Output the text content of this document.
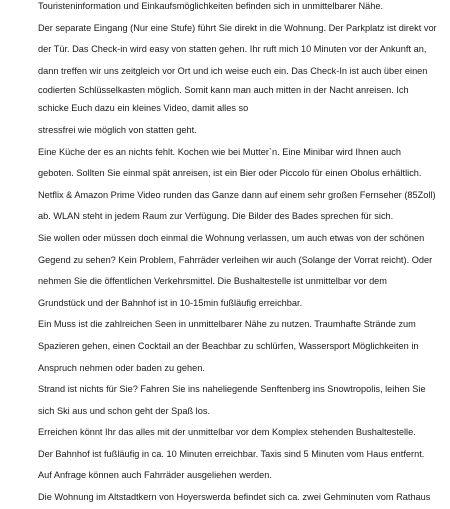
Touristeninformation und Einkaufsmöglichkeiten befinden sich in unmittelbarer Nähe.
Der separate Eingang (Nur eine Stufe) führt Sie direkt in die Wohnung. Der Parkplatz ist direkt vor
der Tür. Das Check-in wird easy von statten gehen. Ihr ruft mich 10 Minuten vor der Ankunft an,
dann treffen wir uns zeitgleich vor Ort und ich weise euch ein. Das Check-In ist auch über einen
codierten Schlüsselkasten möglich. Somit kann man auch mitten in der Nacht anreisen. Ich
schicke Euch dazu ein kleines Video, damit alles so
stressfrei wie möglich von statten geht.
Eine Küche der es an nichts fehlt. Kochen wie bei Mutter`n. Eine Minibar wird Ihnen auch
geboten. Sollten Sie einmal spät anreisen, ist ein Bier oder Piccolo für einen Obolus erhältlich.
Netflix & Amazon Prime Video runden das Ganze dann auf einem sehr großen Fernseher (85Zoll)
ab. WLAN steht in jedem Raum zur Verfügung. Die Bilder des Bades sprechen für sich.
Sie wollen oder müssen doch einmal die Wohnung verlassen, um auch etwas von der schönen
Gegend zu sehen? Kein Problem, Fahrräder verleihen wir auch (Solange der Vorrat reicht). Oder
nehmen Sie die öffentlichen Verkehrsmittel. Die Bushaltestelle ist unmittelbar vor dem
Grundstück und der Bahnhof ist in 10-15min fußläufig erreichbar.
Ein Muss ist die zahlreichen Seen in unmittelbarer Nähe zu nutzen. Traumhafte Strände zum
Spazieren gehen, einen Cocktail an der Beachbar zu schlürfen, Wassersport Möglichkeiten in
Anspruch nehmen oder baden zu gehen.
Strand ist nichts für Sie? Fahren Sie ins naheliegende Senftenberg ins Snowtropolis, leihen Sie
sich Ski aus und schon geht der Spaß los.
Erreichen könnt Ihr das alles mit der unmittelbar vor dem Komplex stehenden Bushaltestelle.
Der Bahnhof ist fußläufig in ca. 10 Minuten erreichbar. Taxis sind 5 Minuten vom Haus entfernt.
Auf Anfrage können auch Fahrräder ausgeliehen werden.
Die Wohnung im Altstadtkern von Hoyerswerda befindet sich ca. zwei Gehminuten vom Rathaus
